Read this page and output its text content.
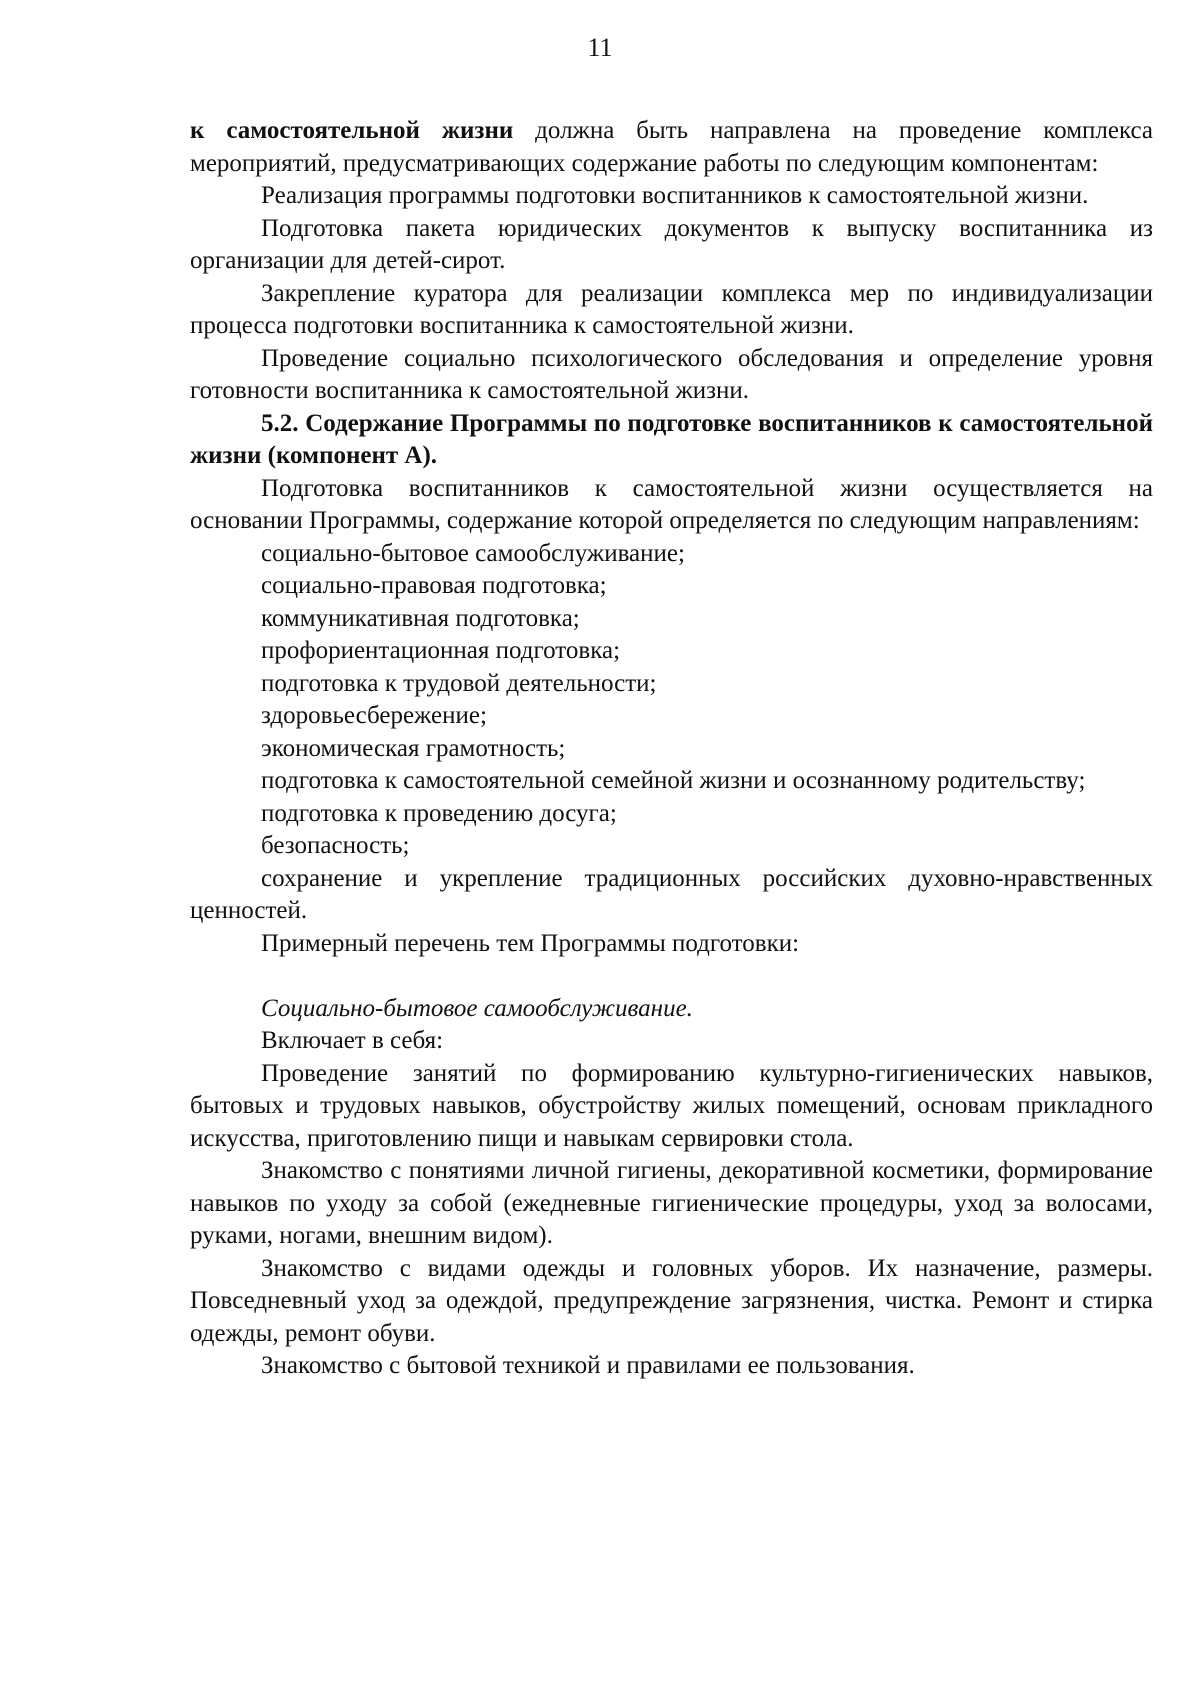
11

к самостоятельной жизни должна быть направлена на проведение комплекса мероприятий, предусматривающих содержание работы по следующим компонентам:

Реализация программы подготовки воспитанников к самостоятельной жизни.

Подготовка пакета юридических документов к выпуску воспитанника из организации для детей-сирот.

Закрепление куратора для реализации комплекса мер по индивидуализации процесса подготовки воспитанника к самостоятельной жизни.

Проведение социально психологического обследования и определение уровня готовности воспитанника к самостоятельной жизни.

5.2. Содержание Программы по подготовке воспитанников к самостоятельной жизни (компонент А).

Подготовка воспитанников к самостоятельной жизни осуществляется на основании Программы, содержание которой определяется по следующим направлениям:

социально-бытовое самообслуживание;

социально-правовая подготовка;

коммуникативная подготовка;

профориентационная подготовка;

подготовка к трудовой деятельности;

здоровьесбережение;

экономическая грамотность;

подготовка к самостоятельной семейной жизни и осознанному родительству;

подготовка к проведению досуга;

безопасность;

сохранение и укрепление традиционных российских духовно-нравственных ценностей.

Примерный перечень тем Программы подготовки:

Социально-бытовое самообслуживание.

Включает в себя:

Проведение занятий по формированию культурно-гигиенических навыков, бытовых и трудовых навыков, обустройству жилых помещений, основам прикладного искусства, приготовлению пищи и навыкам сервировки стола.

Знакомство с понятиями личной гигиены, декоративной косметики, формирование навыков по уходу за собой (ежедневные гигиенические процедуры, уход за волосами, руками, ногами, внешним видом).

Знакомство с видами одежды и головных уборов. Их назначение, размеры. Повседневный уход за одеждой, предупреждение загрязнения, чистка. Ремонт и стирка одежды, ремонт обуви.

Знакомство с бытовой техникой и правилами ее пользования.
